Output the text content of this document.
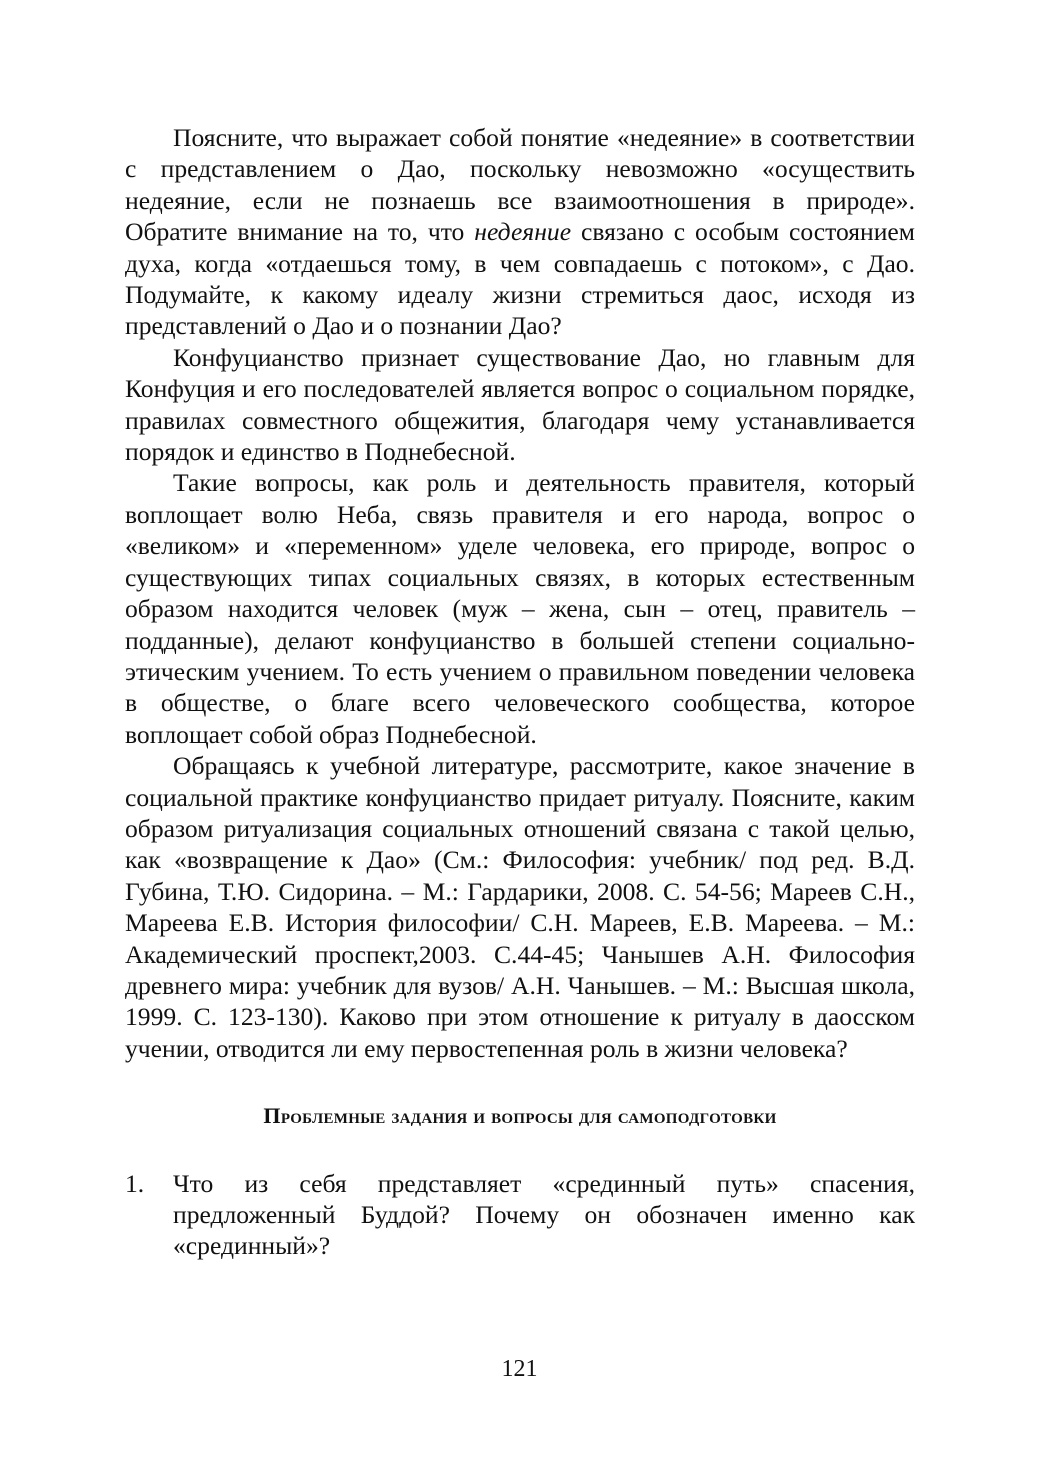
Поясните, что выражает собой понятие «недеяние» в соответствии с представлением о Дао, поскольку невозможно «осуществить недеяние, если не познаешь все взаимоотношения в природе». Обратите внимание на то, что недеяние связано с особым состоянием духа, когда «отдаешься тому, в чем совпадаешь с потоком», с Дао. Подумайте, к какому идеалу жизни стремиться даос, исходя из представлений о Дао и о познании Дао?

Конфуцианство признает существование Дао, но главным для Конфуция и его последователей является вопрос о социальном порядке, правилах совместного общежития, благодаря чему устанавливается порядок и единство в Поднебесной.

Такие вопросы, как роль и деятельность правителя, который воплощает волю Неба, связь правителя и его народа, вопрос о «великом» и «переменном» уделе человека, его природе, вопрос о существующих типах социальных связях, в которых естественным образом находится человек (муж – жена, сын – отец, правитель – подданные), делают конфуцианство в большей степени социально-этическим учением. То есть учением о правильном поведении человека в обществе, о благе всего человеческого сообщества, которое воплощает собой образ Поднебесной.

Обращаясь к учебной литературе, рассмотрите, какое значение в социальной практике конфуцианство придает ритуалу. Поясните, каким образом ритуализация социальных отношений связана с такой целью, как «возвращение к Дао» (См.: Философия: учебник/ под ред. В.Д. Губина, Т.Ю. Сидорина. – М.: Гардарики, 2008. С. 54-56; Мареев С.Н., Мареева Е.В. История философии/ С.Н. Мареев, Е.В. Мареева. – М.: Академический проспект,2003. С.44-45; Чанышев А.Н. Философия древнего мира: учебник для вузов/ А.Н. Чанышев. – М.: Высшая школа, 1999. С. 123-130). Каково при этом отношение к ритуалу в даосском учении, отводится ли ему первостепенная роль в жизни человека?

Проблемные задания и вопросы для самоподготовки
1.	Что из себя представляет «срединный путь» спасения, предложенный Буддой? Почему он обозначен именно как «срединный»?
121
